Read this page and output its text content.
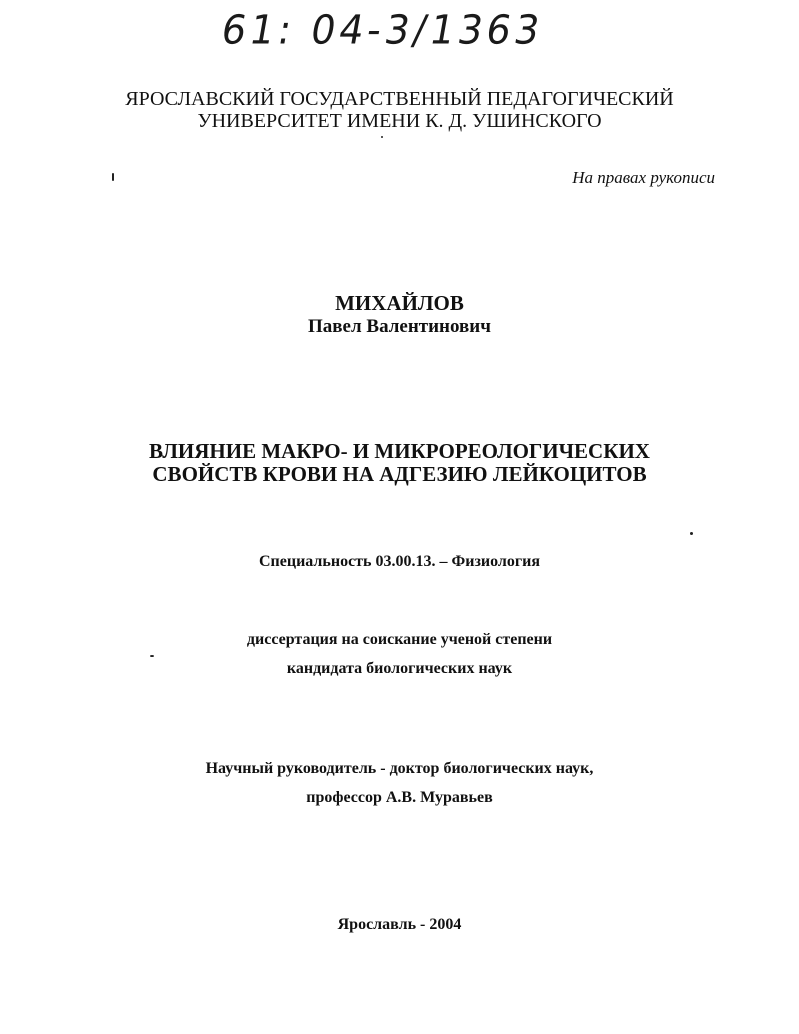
61: 04-3/1363
ЯРОСЛАВСКИЙ ГОСУДАРСТВЕННЫЙ ПЕДАГОГИЧЕСКИЙ
УНИВЕРСИТЕТ ИМЕНИ К. Д. УШИНСКОГО
На правах рукописи
МИХАЙЛОВ
Павел Валентинович
ВЛИЯНИЕ МАКРО- И МИКРОРЕОЛОГИЧЕСКИХ
СВОЙСТВ КРОВИ НА АДГЕЗИЮ ЛЕЙКОЦИТОВ
Специальность 03.00.13. – Физиология
диссертация на соискание ученой степени
кандидата биологических наук
Научный руководитель - доктор биологических наук,
профессор А.В. Муравьев
Ярославль - 2004
